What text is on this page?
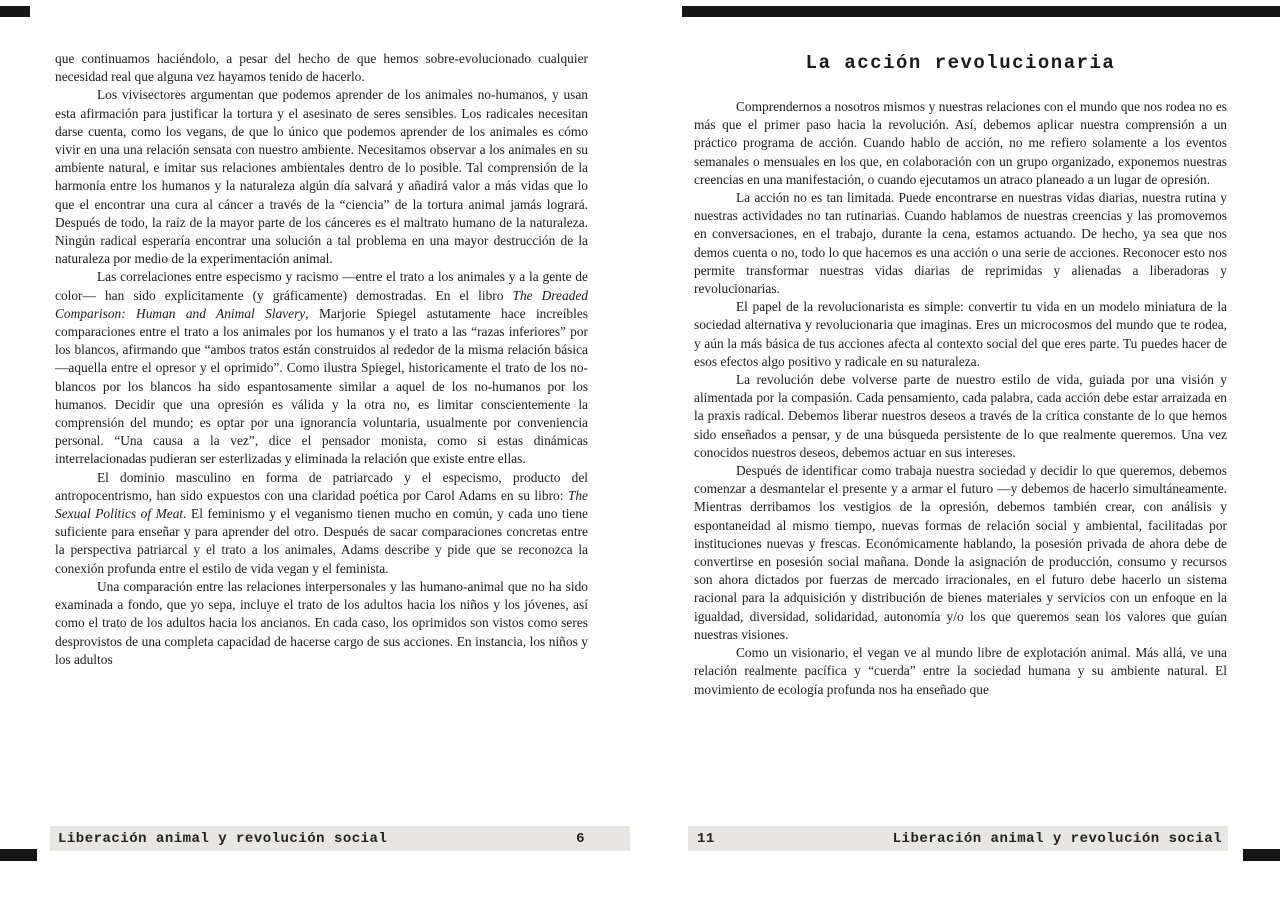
que continuamos haciéndolo, a pesar del hecho de que hemos sobre-evolucionado cualquier necesidad real que alguna vez hayamos tenido de hacerlo.

Los vivisectores argumentan que podemos aprender de los animales no-humanos, y usan esta afirmación para justificar la tortura y el asesinato de seres sensibles. Los radicales necesitan darse cuenta, como los vegans, de que lo único que podemos aprender de los animales es cómo vivir en una una relación sensata con nuestro ambiente. Necesitamos observar a los animales en su ambiente natural, e imitar sus relaciones ambientales dentro de lo posible. Tal comprensión de la harmonía entre los humanos y la naturaleza algún día salvará y añadirá valor a más vidas que lo que el encontrar una cura al cáncer a través de la “ciencia” de la tortura animal jamás logrará. Después de todo, la raíz de la mayor parte de los cánceres es el maltrato humano de la naturaleza. Ningún radical esperaría encontrar una solución a tal problema en una mayor destrucción de la naturaleza por medio de la experimentación animal.

Las correlaciones entre especismo y racismo —entre el trato a los animales y a la gente de color— han sido explicitamente (y gráficamente) demostradas. En el libro The Dreaded Comparison: Human and Animal Slavery, Marjorie Spiegel astutamente hace increíbles comparaciones entre el trato a los animales por los humanos y el trato a las “razas inferiores” por los blancos, afirmando que “ambos tratos están construidos al rededor de la misma relación básica —aquella entre el opresor y el oprimido”. Como ilustra Spiegel, historicamente el trato de los no-blancos por los blancos ha sido espantosamente similar a aquel de los no-humanos por los humanos. Decidir que una opresión es válida y la otra no, es limitar conscientemente la comprensión del mundo; es optar por una ignorancia voluntaria, usualmente por conveniencia personal. “Una causa a la vez”, dice el pensador monista, como si estas dinámicas interrelacionadas pudieran ser esterlizadas y eliminada la relación que existe entre ellas.

El dominio masculino en forma de patriarcado y el especismo, producto del antropocentrismo, han sido expuestos con una claridad poética por Carol Adams en su libro: The Sexual Politics of Meat. El feminismo y el veganismo tienen mucho en común, y cada uno tiene suficiente para enseñar y para aprender del otro. Después de sacar comparaciones concretas entre la perspectiva patriarcal y el trato a los animales, Adams describe y pide que se reconozca la conexión profunda entre el estilo de vida vegan y el feminista.

Una comparación entre las relaciones interpersonales y las humano-animal que no ha sido examinada a fondo, que yo sepa, incluye el trato de los adultos hacia los niños y los jóvenes, así como el trato de los adultos hacia los ancianos. En cada caso, los oprimidos son vistos como seres desprovistos de una completa capacidad de hacerse cargo de sus acciones. En instancia, los niños y los adultos

La acción revolucionaria

Comprendernos a nosotros mismos y nuestras relaciones con el mundo que nos rodea no es más que el primer paso hacia la revolución. Así, debemos aplicar nuestra comprensión a un práctico programa de acción. Cuando hablo de acción, no me refiero solamente a los eventos semanales o mensuales en los que, en colaboración con un grupo organizado, exponemos nuestras creencias en una manifestación, o cuando ejecutamos un atraco planeado a un lugar de opresión.

La acción no es tan limitada. Puede encontrarse en nuestras vidas diarias, nuestra rutina y nuestras actividades no tan rutinarias. Cuando hablamos de nuestras creencias y las promovemos en conversaciones, en el trabajo, durante la cena, estamos actuando. De hecho, ya sea que nos demos cuenta o no, todo lo que hacemos es una acción o una serie de acciones. Reconocer esto nos permite transformar nuestras vidas diarias de reprimidas y alienadas a liberadoras y revolucionarias.

El papel de la revolucionarista es simple: convertir tu vida en un modelo miniatura de la sociedad alternativa y revolucionaria que imaginas. Eres un microcosmos del mundo que te rodea, y aún la más básica de tus acciones afecta al contexto social del que eres parte. Tu puedes hacer de esos efectos algo positivo y radicale en su naturaleza.

La revolución debe volverse parte de nuestro estilo de vida, guiada por una visión y alimentada por la compasión. Cada pensamiento, cada palabra, cada acción debe estar arraizada en la praxis radical. Debemos liberar nuestros deseos a través de la crítica constante de lo que hemos sido enseñados a pensar, y de una búsqueda persistente de lo que realmente queremos. Una vez conocidos nuestros deseos, debemos actuar en sus intereses.

Después de identificar como trabaja nuestra sociedad y decidir lo que queremos, debemos comenzar a desmantelar el presente y a armar el futuro —y debemos de hacerlo simultáneamente. Mientras derribamos los vestigios de la opresión, debemos también crear, con análisis y espontaneidad al mismo tiempo, nuevas formas de relación social y ambiental, facilitadas por instituciones nuevas y frescas. Económicamente hablando, la posesión privada de ahora debe de convertirse en posesión social mañana. Donde la asignación de producción, consumo y recursos son ahora dictados por fuerzas de mercado irracionales, en el futuro debe hacerlo un sistema racional para la adquisición y distribución de bienes materiales y servicios con un enfoque en la igualdad, diversidad, solidaridad, autonomía y/o los que queremos sean los valores que guían nuestras visiones.

Como un visionario, el vegan ve al mundo libre de explotación animal. Más allá, ve una relación realmente pacífica y “cuerda” entre la sociedad humana y su ambiente natural. El movimiento de ecología profunda nos ha enseñado que

Liberación animal y revolución social	6	11	Liberación animal y revolución social
